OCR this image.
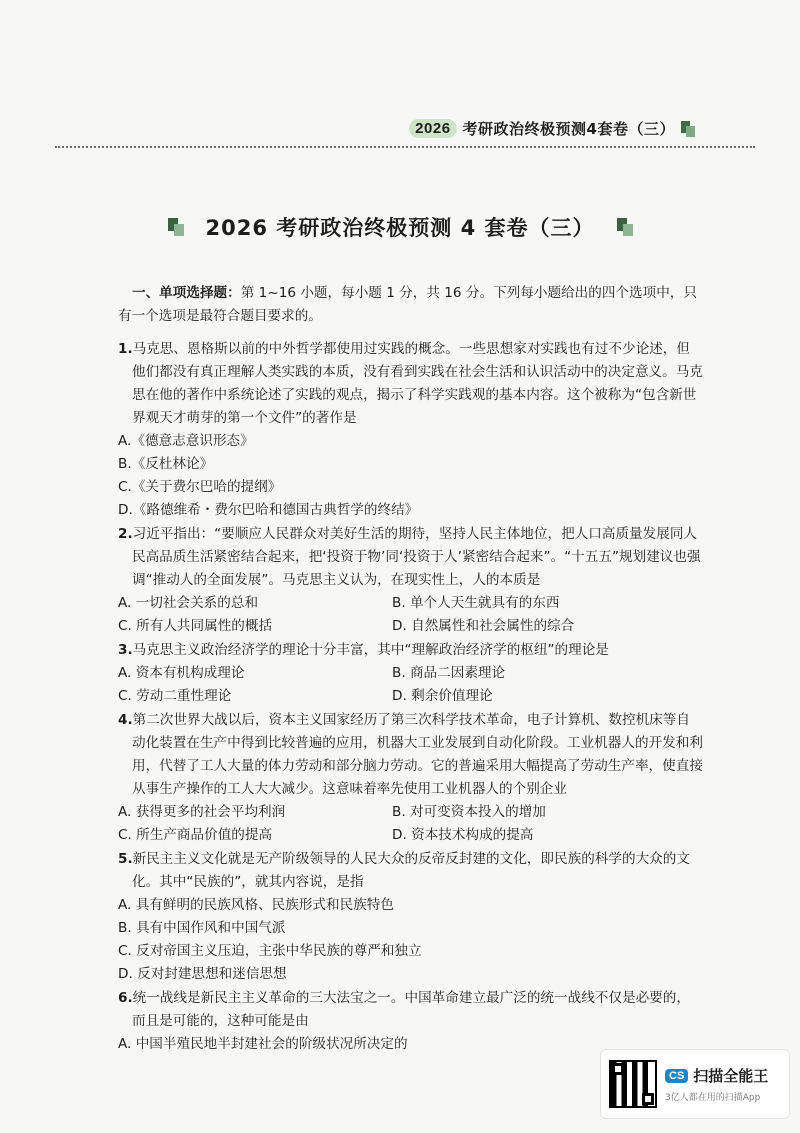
2026 考研政治终极预测4套卷（三）
2026 考研政治终极预测 4 套卷（三）
一、单项选择题：第 1~16 小题，每小题 1 分，共 16 分。下列每小题给出的四个选项中，只有一个选项是最符合题目要求的。
1.马克思、恩格斯以前的中外哲学都使用过实践的概念。一些思想家对实践也有过不少论述，但他们都没有真正理解人类实践的本质，没有看到实践在社会生活和认识活动中的决定意义。马克思在他的著作中系统论述了实践的观点，揭示了科学实践观的基本内容。这个被称为“包含新世界观天才萌芽的第一个文件”的著作是
A.《德意志意识形态》
B.《反杜林论》
C.《关于费尔巴哈的提纲》
D.《路德维希・费尔巴哈和德国古典哲学的终结》
2.习近平指出：“要顺应人民群众对美好生活的期待，坚持人民主体地位，把人口高质量发展同人民高品质生活紧密结合起来，把‘投资于物’同‘投资于人’紧密结合起来”。“十五五”规划建议也强调“推动人的全面发展”。马克思主义认为，在现实性上，人的本质是
A. 一切社会关系的总和	B. 单个人天生就具有的东西
C. 所有人共同属性的概括	D. 自然属性和社会属性的综合
3.马克思主义政治经济学的理论十分丰富，其中“理解政治经济学的枢纽”的理论是
A. 资本有机构成理论	B. 商品二因素理论
C. 劳动二重性理论	D. 剩余价值理论
4.第二次世界大战以后，资本主义国家经历了第三次科学技术革命，电子计算机、数控机床等自动化装置在生产中得到比较普遍的应用，机器大工业发展到自动化阶段。工业机器人的开发和利用，代替了工人大量的体力劳动和部分脑力劳动。它的普遍采用大幅提高了劳动生产率，使直接从事生产操作的工人大大减少。这意味着率先使用工业机器人的个别企业
A. 获得更多的社会平均利润	B. 对可变资本投入的增加
C. 所生产商品价值的提高	D. 资本技术构成的提高
5.新民主主义文化就是无产阶级领导的人民大众的反帝反封建的文化，即民族的科学的大众的文化。其中“民族的”，就其内容说，是指
A. 具有鲜明的民族风格、民族形式和民族特色
B. 具有中国作风和中国气派
C. 反对帝国主义压迫，主张中华民族的尊严和独立
D. 反对封建思想和迷信思想
6.统一战线是新民主主义革命的三大法宝之一。中国革命建立最广泛的统一战线不仅是必要的，而且是可能的，这种可能是由
A. 中国半殖民地半封建社会的阶级状况所决定的
CS 扫描全能王
3亿人都在用的扫描App
